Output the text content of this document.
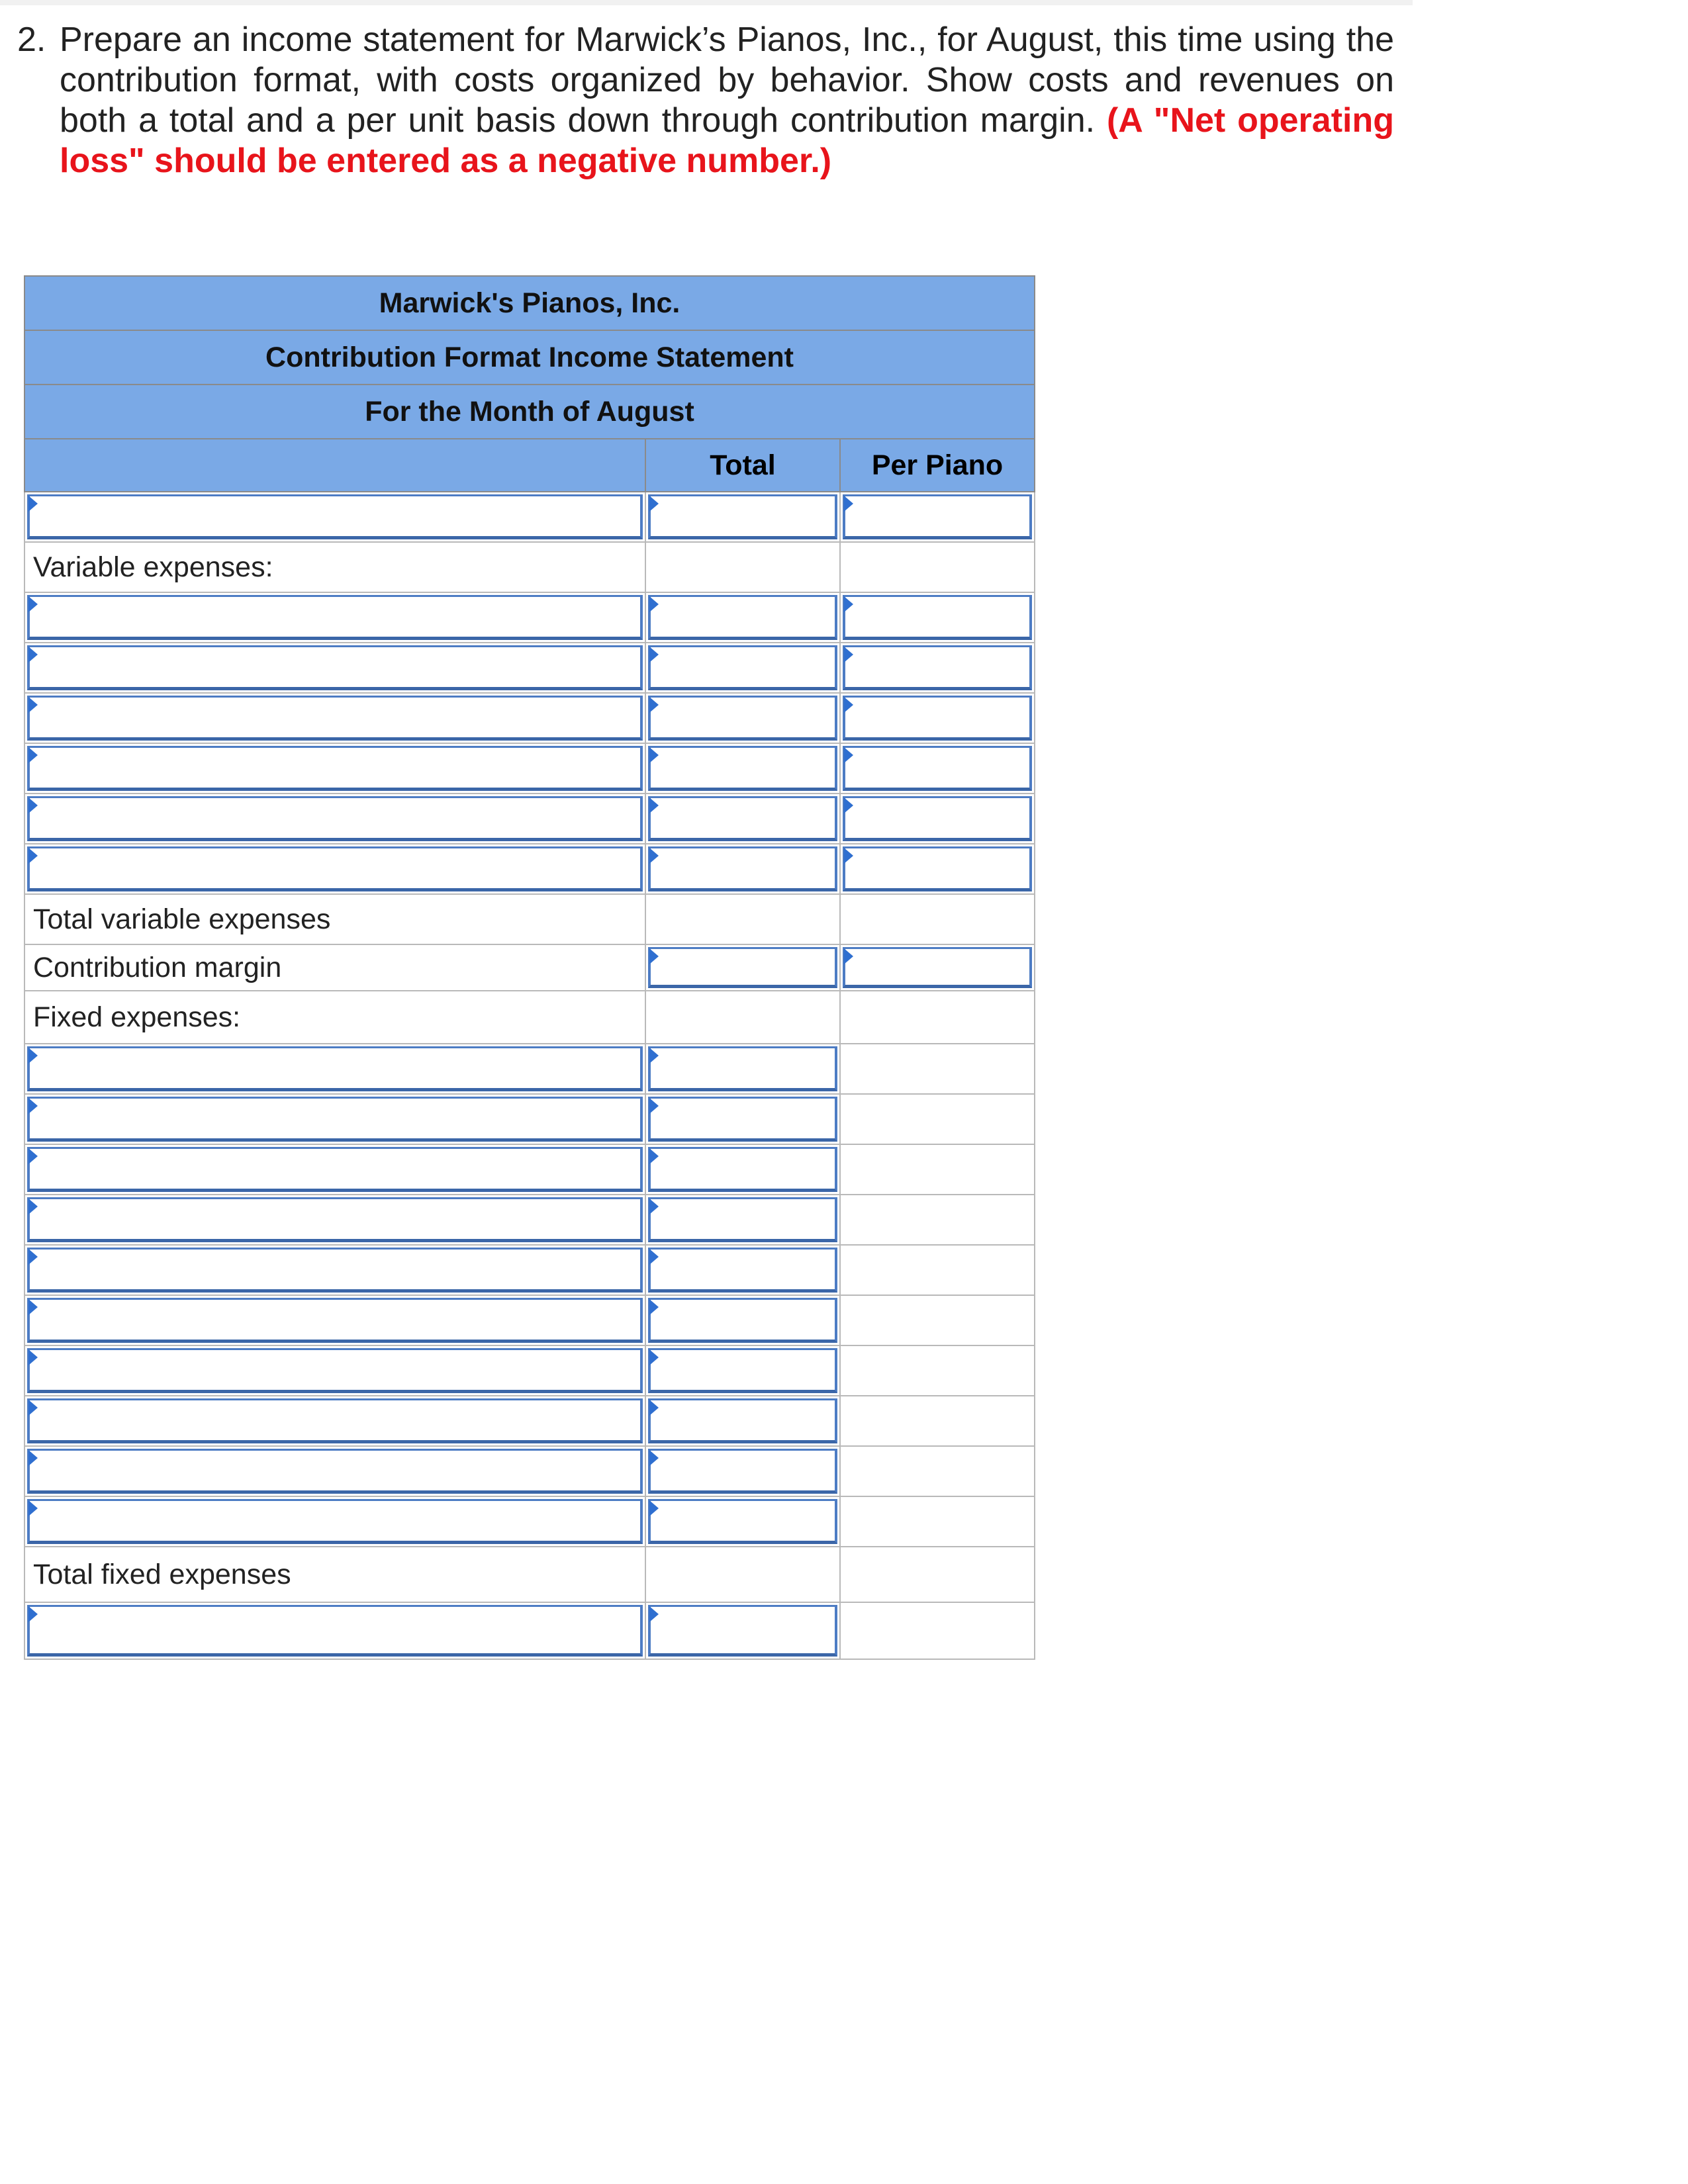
2. Prepare an income statement for Marwick’s Pianos, Inc., for August, this time using the contribution format, with costs organized by behavior. Show costs and revenues on both a total and a per unit basis down through contribution margin. (A "Net operating loss" should be entered as a negative number.)
Marwick's Pianos, Inc.		
Contribution Format Income Statement		
For the Month of August		
	Total	Per Piano

Variable expenses:		

Total variable expenses		
Contribution margin	

Fixed expenses:		

Total fixed expenses		
